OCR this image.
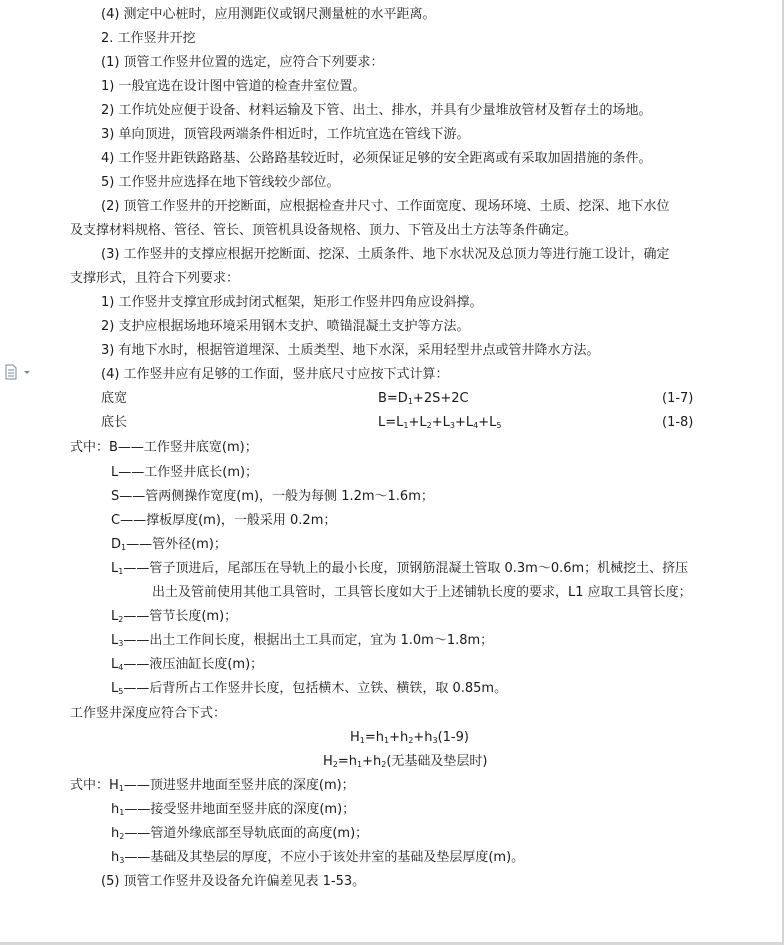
(4) 测定中心桩时，应用测距仪或钢尺测量桩的水平距离。
2. 工作竖井开挖
(1) 顶管工作竖井位置的选定，应符合下列要求：
1) 一般宜选在设计图中管道的检查井室位置。
2) 工作坑处应便于设备、材料运输及下管、出土、排水，并具有少量堆放管材及暂存土的场地。
3) 单向顶进，顶管段两端条件相近时，工作坑宜选在管线下游。
4) 工作竖井距铁路路基、公路路基较近时，必须保证足够的安全距离或有采取加固措施的条件。
5) 工作竖井应选择在地下管线较少部位。
(2) 顶管工作竖井的开挖断面，应根据检查井尺寸、工作面宽度、现场环境、土质、挖深、地下水位
及支撑材料规格、管径、管长、顶管机具设备规格、顶力、下管及出土方法等条件确定。
(3) 工作竖井的支撑应根据开挖断面、挖深、土质条件、地下水状况及总顶力等进行施工设计，确定
支撑形式，且符合下列要求：
1) 工作竖井支撑宜形成封闭式框架，矩形工作竖井四角应设斜撑。
2) 支护应根据场地环境采用钢木支护、喷锚混凝土支护等方法。
3) 有地下水时，根据管道埋深、土质类型、地下水深，采用轻型井点或管井降水方法。
(4) 工作竖井应有足够的工作面，竖井底尺寸应按下式计算：
底宽	$B=D_1+2S+2C$	(1-7)
底长	$L=L_1+L_2+L_3+L_4+L_5$	(1-8)
式中：B——工作竖井底宽(m)；
L——工作竖井底长(m)；
S——管两侧操作宽度(m)，一般为每侧 1.2m～1.6m；
C——撑板厚度(m)，一般采用 0.2m；
$D_1——$管外径(m)；
$L_1——$管子顶进后，尾部压在导轨上的最小长度，顶钢筋混凝土管取 0.3m～0.6m；机械挖土、挤压
出土及管前使用其他工具管时，工具管长度如大于上述铺轨长度的要求，L1 应取工具管长度；
$L_2——$管节长度(m)；
$L_3——$出土工作间长度，根据出土工具而定，宜为 1.0m～1.8m；
$L_4——$液压油缸长度(m)；
$L_5——$后背所占工作竖井长度，包括横木、立铁、横铁，取 0.85m。
工作竖井深度应符合下式：
$H_1=h_1+h_2+h_3(1-9)$
$H_2=h_1+h_2$(无基础及垫层时)
式中：$H_1——$顶进竖井地面至竖井底的深度(m)；
$h_1——$接受竖井地面至竖井底的深度(m)；
$h_2——$管道外缘底部至导轨底面的高度(m)；
$h_3——$基础及其垫层的厚度，不应小于该处井室的基础及垫层厚度(m)。
(5) 顶管工作竖井及设备允许偏差见表 1-53。
